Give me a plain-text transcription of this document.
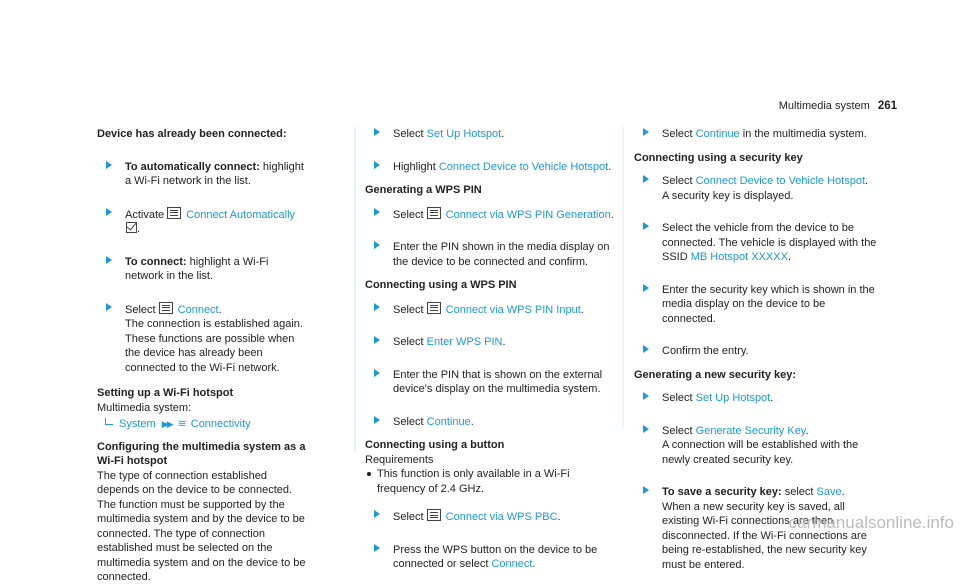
Multimedia system 261

Device has already been connected:

To automatically connect: highlight a Wi-Fi network in the list.
Activate Connect Automatically.
To connect: highlight a Wi-Fi network in the list.
Select Connect.
The connection is established again. These functions are possible when the device has already been connected to the Wi-Fi network.

Setting up a Wi-Fi hotspot

Multimedia system:

System ▶▶ ≋ Connectivity

Configuring the multimedia system as a Wi-Fi hotspot

The type of connection established depends on the device to be connected. The function must be supported by the multimedia system and by the device to be connected. The type of connection established must be selected on the multimedia system and on the device to be connected.

Select Set Up Hotspot.
Highlight Connect Device to Vehicle Hotspot.

Generating a WPS PIN

Select Connect via WPS PIN Generation.
Enter the PIN shown in the media display on the device to be connected and confirm.

Connecting using a WPS PIN

Select Connect via WPS PIN Input.
Select Enter WPS PIN.
Enter the PIN that is shown on the external device's display on the multimedia system.
Select Continue.

Connecting using a button

Requirements

This function is only available in a Wi-Fi frequency of 2.4 GHz.

Select Connect via WPS PBC.
Press the WPS button on the device to be connected or select Connect.
Select Continue in the multimedia system.

Connecting using a security key

Select Connect Device to Vehicle Hotspot.
A security key is displayed.
Select the vehicle from the device to be connected. The vehicle is displayed with the SSID MB Hotspot XXXXX.
Enter the security key which is shown in the media display on the device to be connected.
Confirm the entry.

Generating a new security key:

Select Set Up Hotspot.
Select Generate Security Key.
A connection will be established with the newly created security key.
To save a security key: select Save.
When a new security key is saved, all existing Wi-Fi connections are then disconnected. If the Wi-Fi connections are being re-established, the new security key must be entered.
carmanualsonline.info
